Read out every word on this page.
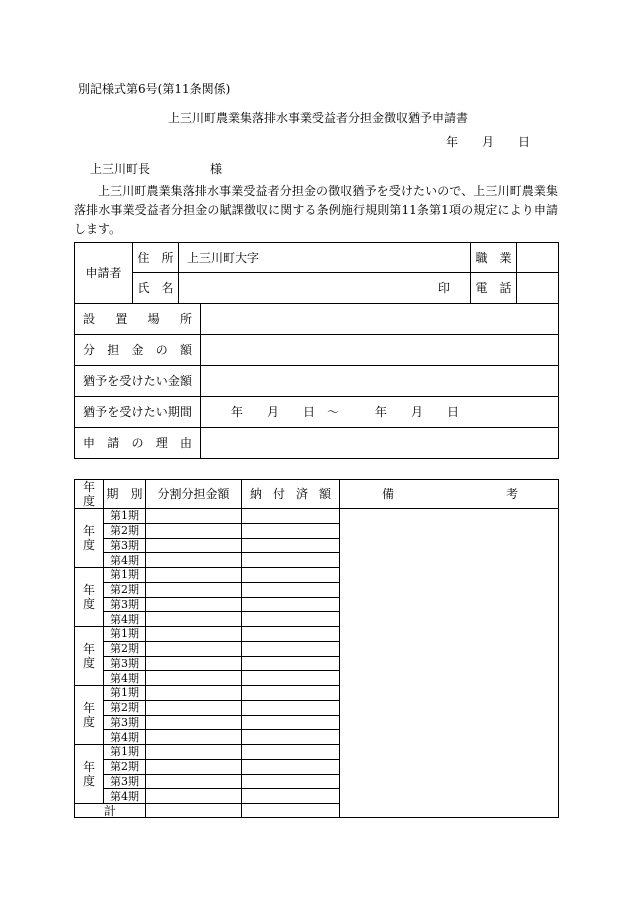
別記様式第6号(第11条関係)
上三川町農業集落排水事業受益者分担金徴収猶予申請書
年　　月　　日
上三川町長　　　　　様
上三川町農業集落排水事業受益者分担金の徴収猶予を受けたいので、上三川町農業集落排水事業受益者分担金の賦課徴収に関する条例施行規則第11条第1項の規定により申請します。
申請者	住　所	上三川町大字		職　業	
	氏　名	印		電　話	
設置場所					
分担金の額					
猶予を受けたい金額					
猶予を受けたい期間			年　　月　　日　～　　　年　　月　　日		
申請の理由					
年
度	期　別	分割分担金額	納付済額	備 考

年
度	第1期			
	第2期			
	第3期			
	第4期			

年
度	第1期			
	第2期			
	第3期			
	第4期			

年
度	第1期			
	第2期			
	第3期			
	第4期			

年
度	第1期			
	第2期			
	第3期			
	第4期			

年
度	第1期			
	第2期			
	第3期			
	第4期			
計				
